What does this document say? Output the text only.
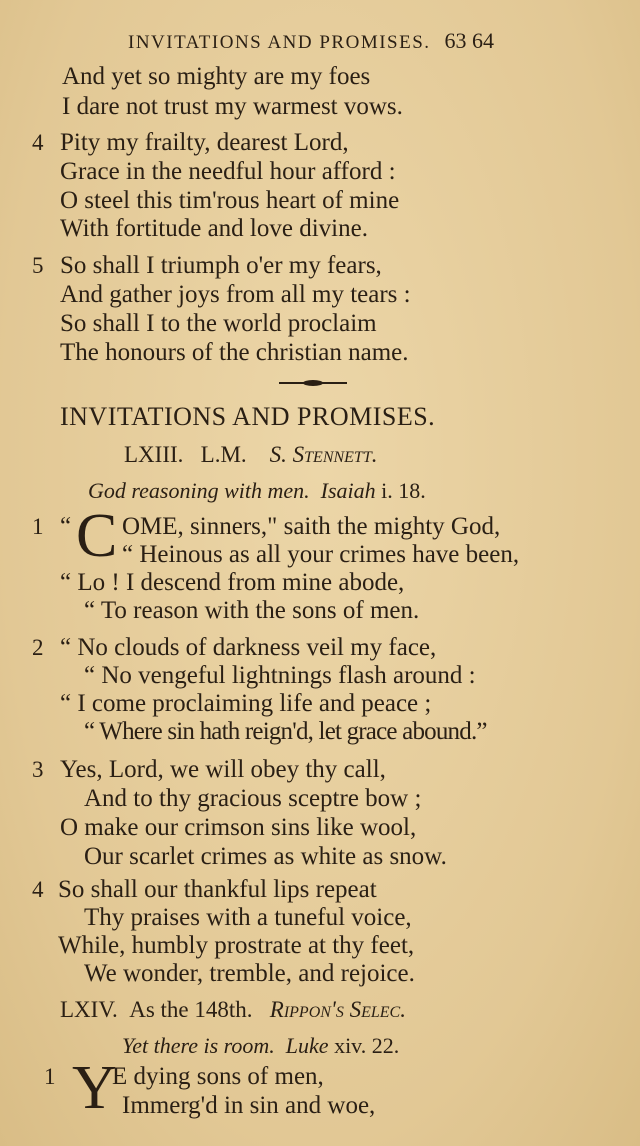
INVITATIONS AND PROMISES. 63 64
And yet so mighty are my foes
I dare not trust my warmest vows.
4 Pity my frailty, dearest Lord,
Grace in the needful hour afford :
O steel this tim'rous heart of mine
With fortitude and love divine.
5 So shall I triumph o'er my fears,
And gather joys from all my tears :
So shall I to the world proclaim
The honours of the christian name.
INVITATIONS AND PROMISES.
LXIII. L.M. S. Stennett.
God reasoning with men. Isaiah i. 18.
1 “ C OME, sinners," saith the mighty God,
“ Heinous as all your crimes have been,
“ Lo ! I descend from mine abode,
“ To reason with the sons of men.
2 “ No clouds of darkness veil my face,
“ No vengeful lightnings flash around :
“ I come proclaiming life and peace ;
“ Where sin hath reign'd, let grace abound.”
3 Yes, Lord, we will obey thy call,
And to thy gracious sceptre bow ;
O make our crimson sins like wool,
Our scarlet crimes as white as snow.
4 So shall our thankful lips repeat
Thy praises with a tuneful voice,
While, humbly prostrate at thy feet,
We wonder, tremble, and rejoice.
LXIV. As the 148th. Rippon's Selec.
Yet there is room. Luke xiv. 22.
1 Y
E dying sons of men,
Immerg'd in sin and woe,
